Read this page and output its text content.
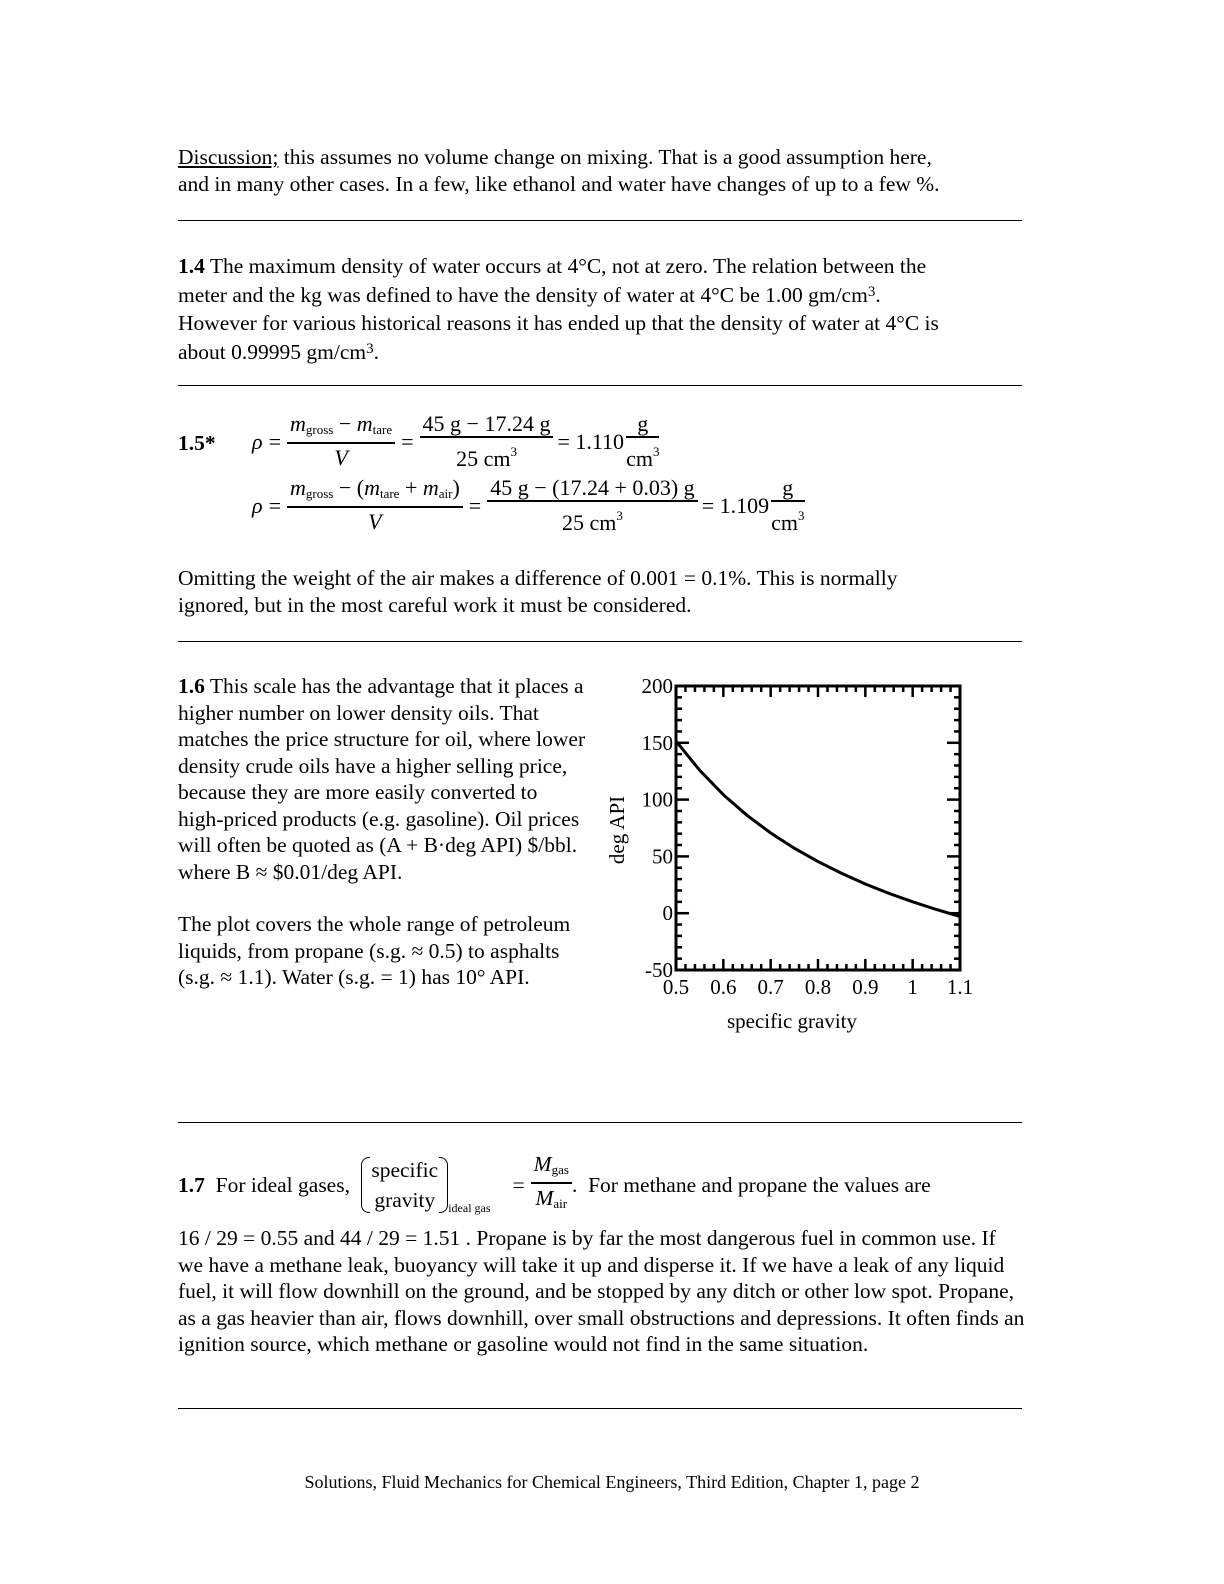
Discussion; this assumes no volume change on mixing. That is a good assumption here,
and in many other cases. In a few, like ethanol and water have changes of up to a few %.
1.4 The maximum density of water occurs at 4°C, not at zero. The relation between the
meter and the kg was defined to have the density of water at 4°C be 1.00 $gm/cm^3$.
However for various historical reasons it has ended up that the density of water at 4°C is
about 0.99995 $gm/cm^3$.
1.5* $\rho = \frac{m_{gross} - m_{tare}}{V} = \frac{45 g - 17.24 g}{25 cm^3} = 1.110 \frac{g}{cm^3}$
$\rho = \frac{m_{gross} - (m_{tare} + m_{air})}{V} = \frac{45 g - (17.24 + 0.03) g}{25 cm^3} = 1.109 \frac{g}{cm^3}$
Omitting the weight of the air makes a difference of 0.001 = 0.1%. This is normally
ignored, but in the most careful work it must be considered.
1.6 This scale has the advantage that it places a higher number on lower density oils. That matches the price structure for oil, where lower density crude oils have a higher selling price, because they are more easily converted to high-priced products (e.g. gasoline). Oil prices will often be quoted as (A + B·deg API) $/bbl. where B ≈ $0.01/deg API.
The plot covers the whole range of petroleum liquids, from propane (s.g. ≈ 0.5) to asphalts (s.g. ≈ 1.1). Water (s.g. = 1) has 10° API.
200
150
100
50
0
-50
0.5 0.6 0.7 0.8 0.9 1 1.1
specific gravity
deg API
1.7 For ideal gases,
specific
gravity ideal gas
= $\frac{M_{gas}}{M_{air}}$ .  For methane and propane the values are
16 / 29 = 0.55 and 44 / 29 = 1.51 . Propane is by far the most dangerous fuel in common use. If we have a methane leak, buoyancy will take it up and disperse it. If we have a leak of any liquid fuel, it will flow downhill on the ground, and be stopped by any ditch or other low spot. Propane, as a gas heavier than air, flows downhill, over small obstructions and depressions. It often finds an ignition source, which methane or gasoline would not find in the same situation.
Solutions, Fluid Mechanics for Chemical Engineers, Third Edition, Chapter 1, page 2
